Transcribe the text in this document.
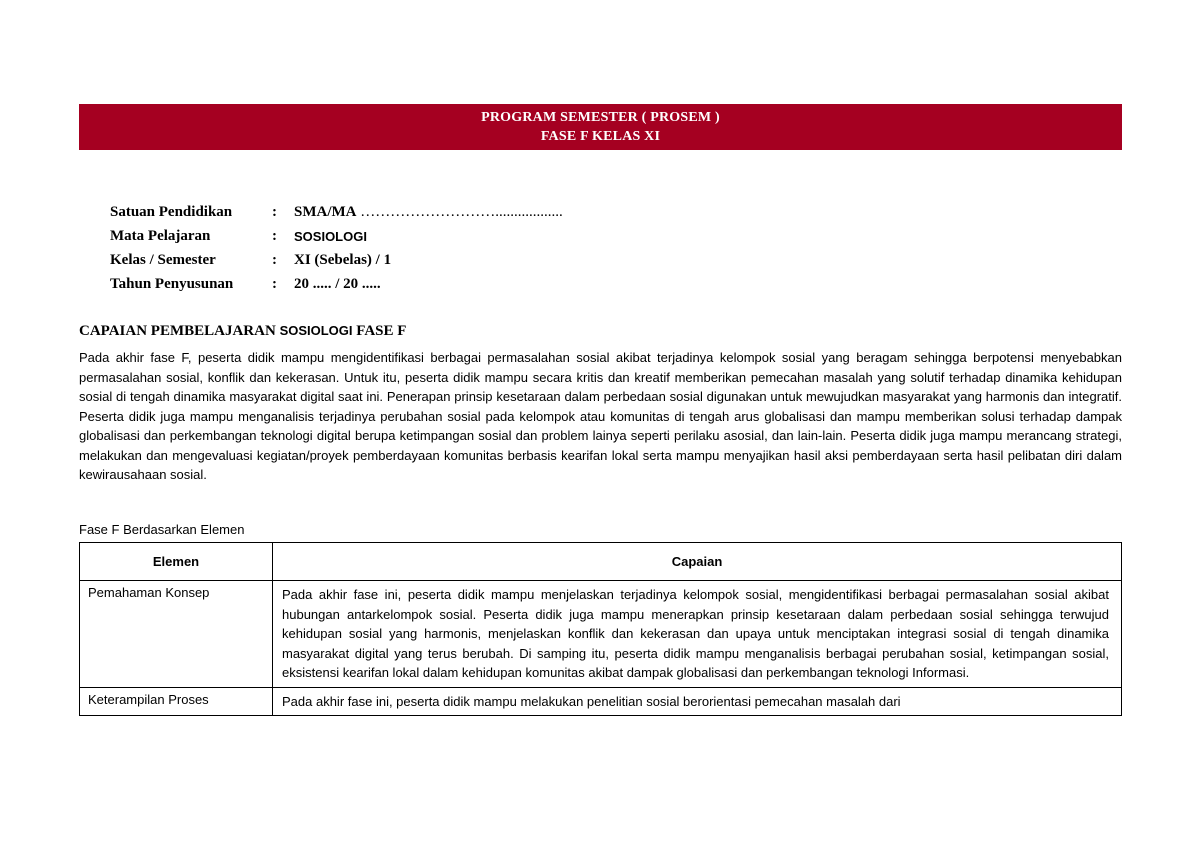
PROGRAM SEMESTER ( PROSEM )
FASE F KELAS XI
Satuan Pendidikan	:	SMA/MA ………………………..................
Mata Pelajaran	:	SOSIOLOGI
Kelas / Semester	:	XI (Sebelas) / 1
Tahun Penyusunan	:	20 ..... / 20 .....
CAPAIAN PEMBELAJARAN SOSIOLOGI FASE F

Pada akhir fase F, peserta didik mampu mengidentifikasi berbagai permasalahan sosial akibat terjadinya kelompok sosial yang beragam sehingga berpotensi menyebabkan permasalahan sosial, konflik dan kekerasan. Untuk itu, peserta didik mampu secara kritis dan kreatif memberikan pemecahan masalah yang solutif terhadap dinamika kehidupan sosial di tengah dinamika masyarakat digital saat ini. Penerapan prinsip kesetaraan dalam perbedaan sosial digunakan untuk mewujudkan masyarakat yang harmonis dan integratif. Peserta didik juga mampu menganalisis terjadinya perubahan sosial pada kelompok atau komunitas di tengah arus globalisasi dan mampu memberikan solusi terhadap dampak globalisasi dan perkembangan teknologi digital berupa ketimpangan sosial dan problem lainya seperti perilaku asosial, dan lain-lain. Peserta didik juga mampu merancang strategi, melakukan dan mengevaluasi kegiatan/proyek pemberdayaan komunitas berbasis kearifan lokal serta mampu menyajikan hasil aksi pemberdayaan serta hasil pelibatan diri dalam kewirausahaan sosial.

Fase F Berdasarkan Elemen
Elemen	Capaian
Pemahaman Konsep	Pada akhir fase ini, peserta didik mampu menjelaskan terjadinya kelompok sosial, mengidentifikasi berbagai permasalahan sosial akibat hubungan antarkelompok sosial. Peserta didik juga mampu menerapkan prinsip kesetaraan dalam perbedaan sosial sehingga terwujud kehidupan sosial yang harmonis, menjelaskan konflik dan kekerasan dan upaya untuk menciptakan integrasi sosial di tengah dinamika masyarakat digital yang terus berubah. Di samping itu, peserta didik mampu menganalisis berbagai perubahan sosial, ketimpangan sosial, eksistensi kearifan lokal dalam kehidupan komunitas akibat dampak globalisasi dan perkembangan teknologi Informasi.
Keterampilan Proses	Pada akhir fase ini, peserta didik mampu melakukan penelitian sosial berorientasi pemecahan masalah dari
